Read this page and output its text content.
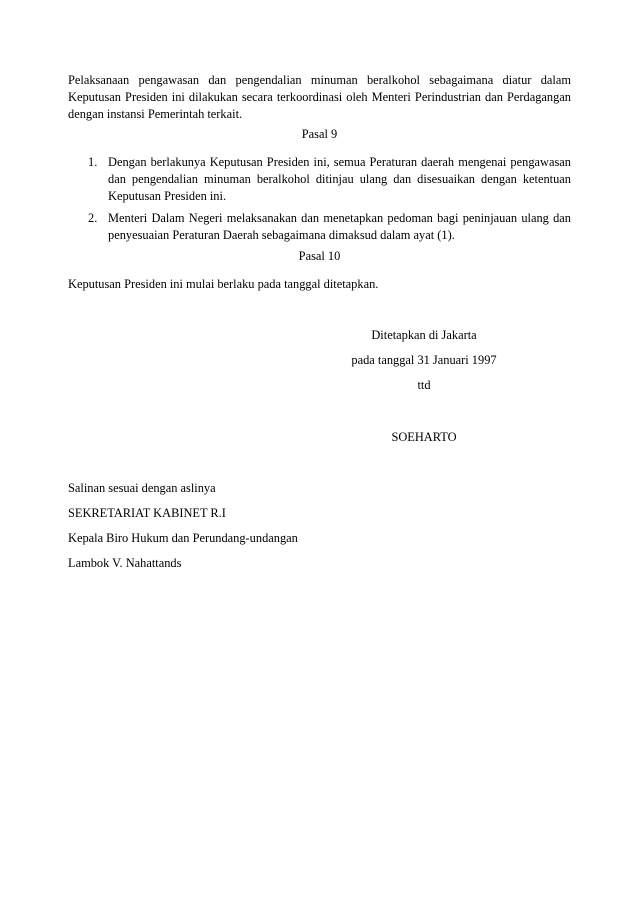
Pelaksanaan pengawasan dan pengendalian minuman beralkohol sebagaimana diatur dalam Keputusan Presiden ini dilakukan secara terkoordinasi oleh Menteri Perindustrian dan Perdagangan dengan instansi Pemerintah terkait.

Pasal 9

1. Dengan berlakunya Keputusan Presiden ini, semua Peraturan daerah mengenai pengawasan dan pengendalian minuman beralkohol ditinjau ulang dan disesuaikan dengan ketentuan Keputusan Presiden ini.
2. Menteri Dalam Negeri melaksanakan dan menetapkan pedoman bagi peninjauan ulang dan penyesuaian Peraturan Daerah sebagaimana dimaksud dalam ayat (1).

Pasal 10

Keputusan Presiden ini mulai berlaku pada tanggal ditetapkan.

Ditetapkan di Jakarta

pada tanggal 31 Januari 1997

ttd

SOEHARTO

Salinan sesuai dengan aslinya

SEKRETARIAT KABINET R.I

Kepala Biro Hukum dan Perundang-undangan

Lambok V. Nahattands
